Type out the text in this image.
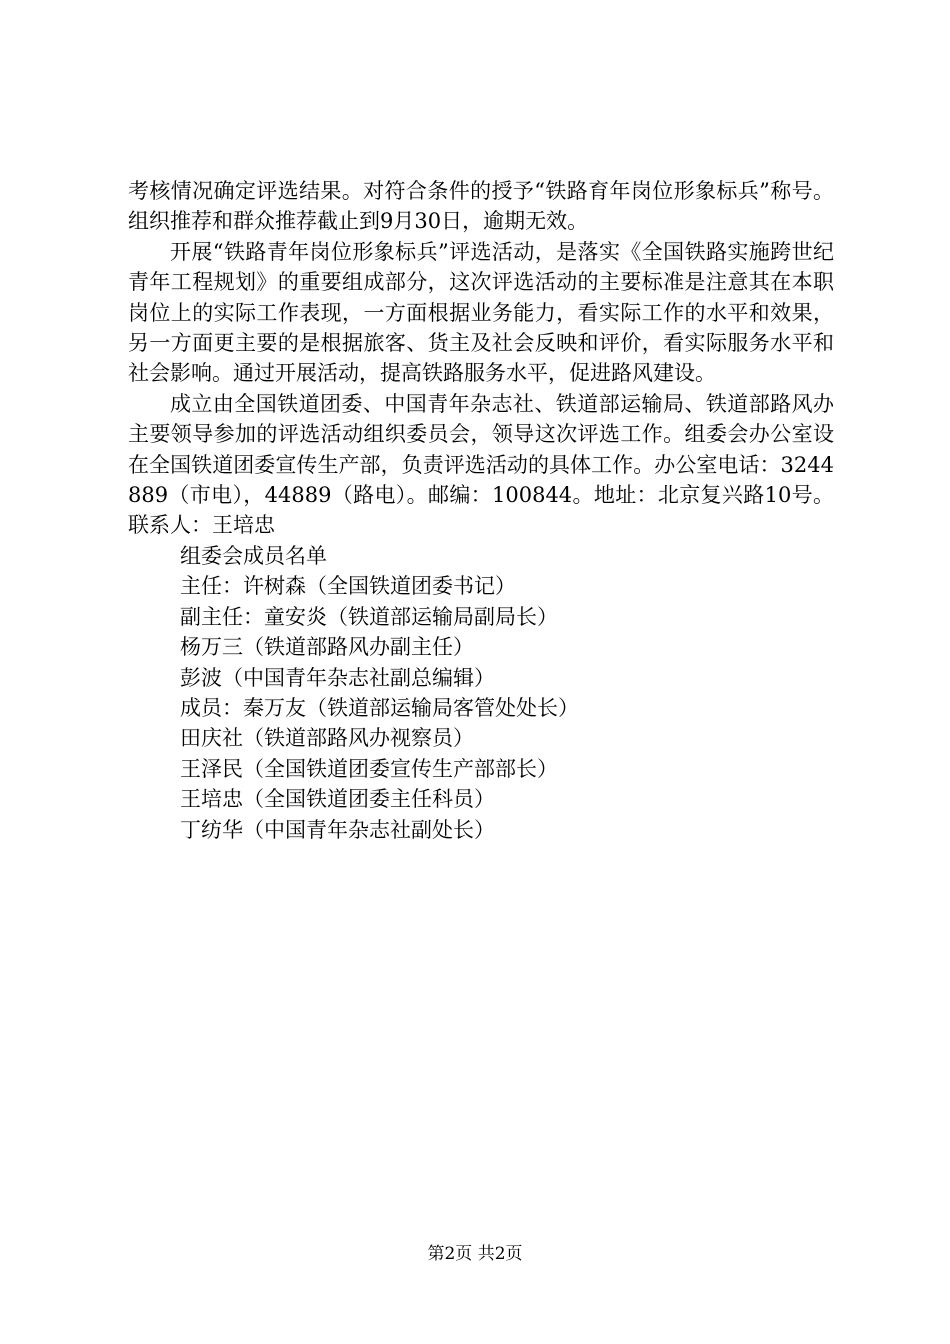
考核情况确定评选结果。对符合条件的授予“铁路育年岗位形象标兵”称号。组织推荐和群众推荐截止到9月30日，逾期无效。

开展“铁路青年岗位形象标兵”评选活动，是落实《全国铁路实施跨世纪青年工程规划》的重要组成部分，这次评选活动的主要标准是注意其在本职岗位上的实际工作表现，一方面根据业务能力，看实际工作的水平和效果，另一方面更主要的是根据旅客、货主及社会反映和评价，看实际服务水平和社会影响。通过开展活动，提高铁路服务水平，促进路风建设。

成立由全国铁道团委、中国青年杂志社、铁道部运输局、铁道部路风办主要领导参加的评选活动组织委员会，领导这次评选工作。组委会办公室设在全国铁道团委宣传生产部，负责评选活动的具体工作。办公室电话：3244889（市电），44889（路电）。邮编：100844。地址：北京复兴路10号。联系人：王培忠

组委会成员名单

主任：许树森（全国铁道团委书记）

副主任：童安炎（铁道部运输局副局长）

杨万三（铁道部路风办副主任）

彭波（中国青年杂志社副总编辑）

成员：秦万友（铁道部运输局客管处处长）

田庆社（铁道部路风办视察员）

王泽民（全国铁道团委宣传生产部部长）

王培忠（全国铁道团委主任科员）

丁纺华（中国青年杂志社副处长）

第2页 共2页
